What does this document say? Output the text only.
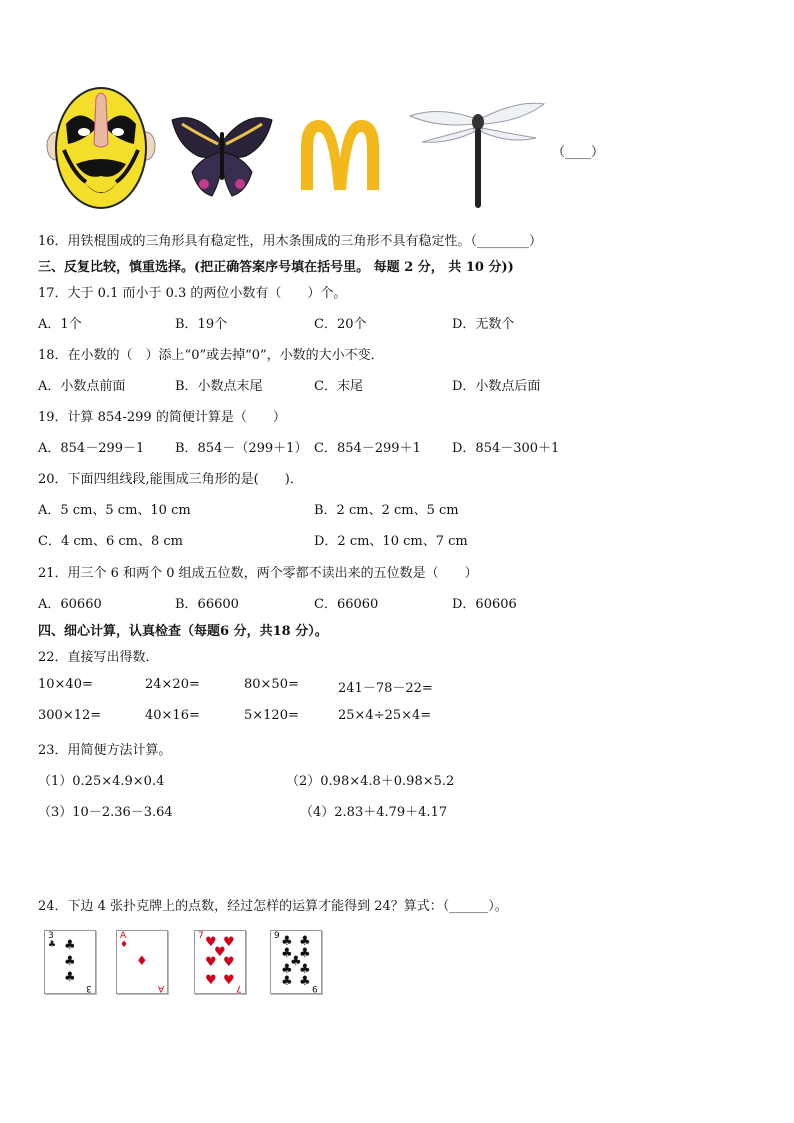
（____）
16．用铁棍围成的三角形具有稳定性，用木条围成的三角形不具有稳定性。（________）
三、反复比较，慎重选择。(把正确答案序号填在括号里。 每题 2 分， 共 10 分))
17．大于 0.1 而小于 0.3 的两位小数有（　　）个。
A．1个	B．19个	C．20个	D．无数个
18．在小数的（　）添上“0”或去掉“0”，小数的大小不变．
A．小数点前面	B．小数点末尾	C．末尾	D．小数点后面
19．计算 854-299 的简便计算是（　　）
A．854－299－1 B．854－（299＋1） C．854－299＋1 D．854－300＋1
20．下面四组线段,能围成三角形的是(　　)．
A．5 cm、5 cm、10 cm	B．2 cm、2 cm、5 cm
C．4 cm、6 cm、8 cm	D．2 cm、10 cm、7 cm
21．用三个 6 和两个 0 组成五位数，两个零都不读出来的五位数是（　　）
A．60660	B．66600	C．66060	D．60606
四、细心计算，认真检查（每题6 分，共18 分）。
22．直接写出得数．
10×40=	24×20=	80×50=	241－78－22=
300×12=	40×16=	5×120=	25×4÷25×4=
23．用简便方法计算。
（1）0.25×4.9×0.4	（2）0.98×4.8＋0.98×5.2
（3）10－2.36－3.64	（4）2.83＋4.79＋4.17
24．下边 4 张扑克牌上的点数，经过怎样的运算才能得到 24？算式：（______）。
3
♣ ♣
♣
♣
3
A
♦
♦
A
7 ♥ ♥
♥
♥ ♥
♥ ♥ 7
9 ♣ ♣
♣ ♣
♣
♣ ♣
♣ ♣ 9
